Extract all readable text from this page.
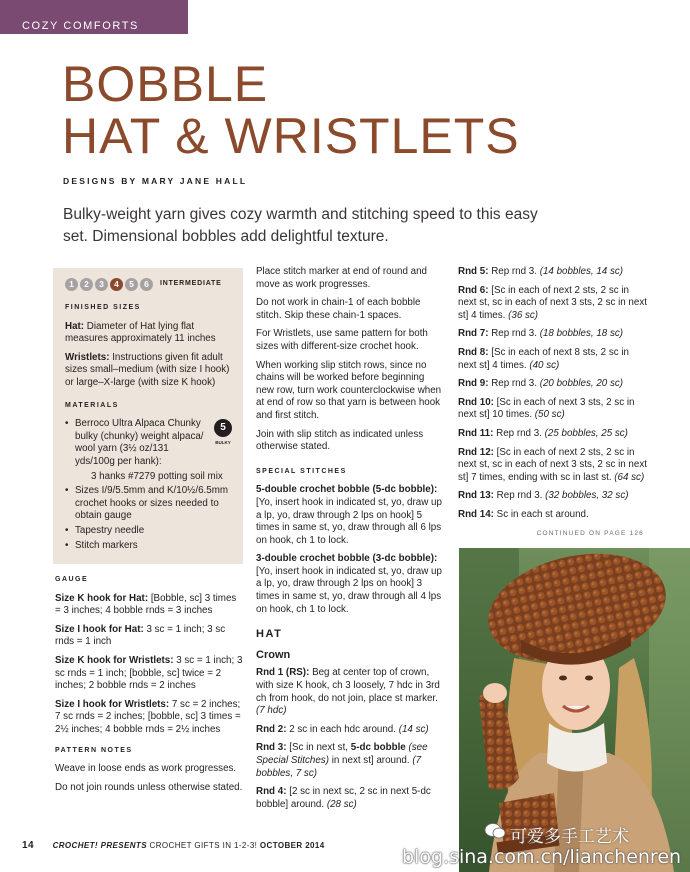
COZY COMFORTS
BOBBLE
HAT & WRISTLETS
DESIGNS BY MARY JANE HALL
Bulky-weight yarn gives cozy warmth and stitching speed to this easy set. Dimensional bobbles add delightful texture.
1	2	3	4	5	6	INTERMEDIATE
FINISHED SIZES

Hat: Diameter of Hat lying flat measures approximately 11 inches

Wristlets: Instructions given fit adult sizes small–medium (with size I hook) or large–X-large (with size K hook)

MATERIALS
5
BULKY
• Berroco Ultra Alpaca Chunky bulky (chunky) weight alpaca/ wool yarn (3½ oz/131 yds/100g per hank):
3 hanks #7279 potting soil mix
• Sizes I/9/5.5mm and K/10½/6.5mm crochet hooks or sizes needed to obtain gauge
• Tapestry needle
• Stitch markers
GAUGE

Size K hook for Hat: [Bobble, sc] 3 times = 3 inches; 4 bobble rnds = 3 inches

Size I hook for Hat: 3 sc = 1 inch; 3 sc rnds = 1 inch

Size K hook for Wristlets: 3 sc = 1 inch; 3 sc rnds = 1 inch; [bobble, sc] twice = 2 inches; 2 bobble rnds = 2 inches

Size I hook for Wristlets: 7 sc = 2 inches; 7 sc rnds = 2 inches; [bobble, sc] 3 times = 2½ inches; 4 bobble rnds = 2½ inches

PATTERN NOTES

Weave in loose ends as work progresses.

Do not join rounds unless otherwise stated.

Place stitch marker at end of round and move as work progresses.

Do not work in chain-1 of each bobble stitch. Skip these chain-1 spaces.

For Wristlets, use same pattern for both sizes with different-size crochet hook.

When working slip stitch rows, since no chains will be worked before beginning new row, turn work counterclockwise when at end of row so that yarn is between hook and first stitch.

Join with slip stitch as indicated unless otherwise stated.

SPECIAL STITCHES

5-double crochet bobble (5-dc bobble): [Yo, insert hook in indicated st, yo, draw up a lp, yo, draw through 2 lps on hook] 5 times in same st, yo, draw through all 6 lps on hook, ch 1 to lock.

3-double crochet bobble (3-dc bobble): [Yo, insert hook in indicated st, yo, draw up a lp, yo, draw through 2 lps on hook] 3 times in same st, yo, draw through all 4 lps on hook, ch 1 to lock.

HAT
Crown

Rnd 1 (RS): Beg at center top of crown, with size K hook, ch 3 loosely, 7 hdc in 3rd ch from hook, do not join, place st marker. (7 hdc)

Rnd 2: 2 sc in each hdc around. (14 sc)

Rnd 3: [Sc in next st, 5-dc bobble (see Special Stitches) in next st] around. (7 bobbles, 7 sc)

Rnd 4: [2 sc in next sc, 2 sc in next 5-dc bobble] around. (28 sc)

Rnd 5: Rep rnd 3. (14 bobbles, 14 sc)

Rnd 6: [Sc in each of next 2 sts, 2 sc in next st, sc in each of next 3 sts, 2 sc in next st] 4 times. (36 sc)

Rnd 7: Rep rnd 3. (18 bobbles, 18 sc)

Rnd 8: [Sc in each of next 8 sts, 2 sc in next st] 4 times. (40 sc)

Rnd 9: Rep rnd 3. (20 bobbles, 20 sc)

Rnd 10: [Sc in each of next 3 sts, 2 sc in next st] 10 times. (50 sc)

Rnd 11: Rep rnd 3. (25 bobbles, 25 sc)

Rnd 12: [Sc in each of next 2 sts, 2 sc in next st, sc in each of next 3 sts, 2 sc in next st] 7 times, ending with sc in last st. (64 sc)

Rnd 13: Rep rnd 3. (32 bobbles, 32 sc)

Rnd 14: Sc in each st around.

CONTINUED ON PAGE 126
14 CROCHET! PRESENTS CROCHET GIFTS IN 1-2-3! OCTOBER 2014	可爱多手工艺术
blog.sina.com.cn/lianchenren
